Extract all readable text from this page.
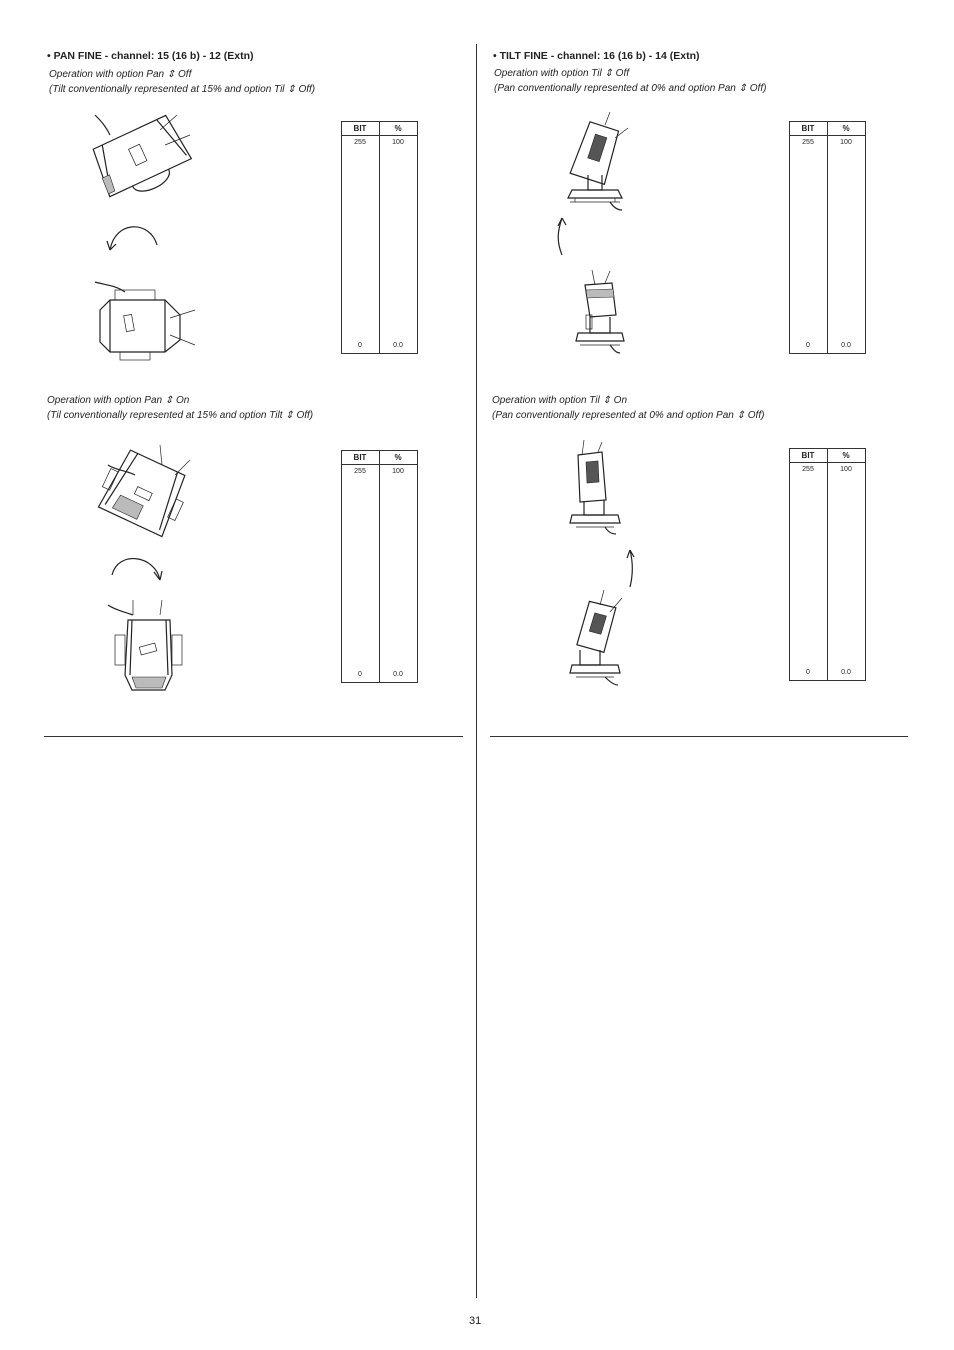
• PAN FINE - channel: 15 (16 b) - 12 (Extn)
Operation with option Pan ⇕ Off
(Tilt conventionally represented at 15% and option Til ⇕ Off)
BIT	%
255	100
0	0.0
Operation with option Pan ⇕ On
(Til conventionally represented at 15% and option Tilt ⇕ Off)
BIT	%
255	100
0	0.0
• TILT FINE - channel: 16 (16 b) - 14 (Extn)
Operation with option Til ⇕ Off
(Pan conventionally represented at 0% and option Pan ⇕ Off)
BIT	%
255	100
0	0.0
Operation with option Til ⇕ On
(Pan conventionally represented at 0% and option Pan ⇕ Off)
BIT	%
255	100
0	0.0
31
